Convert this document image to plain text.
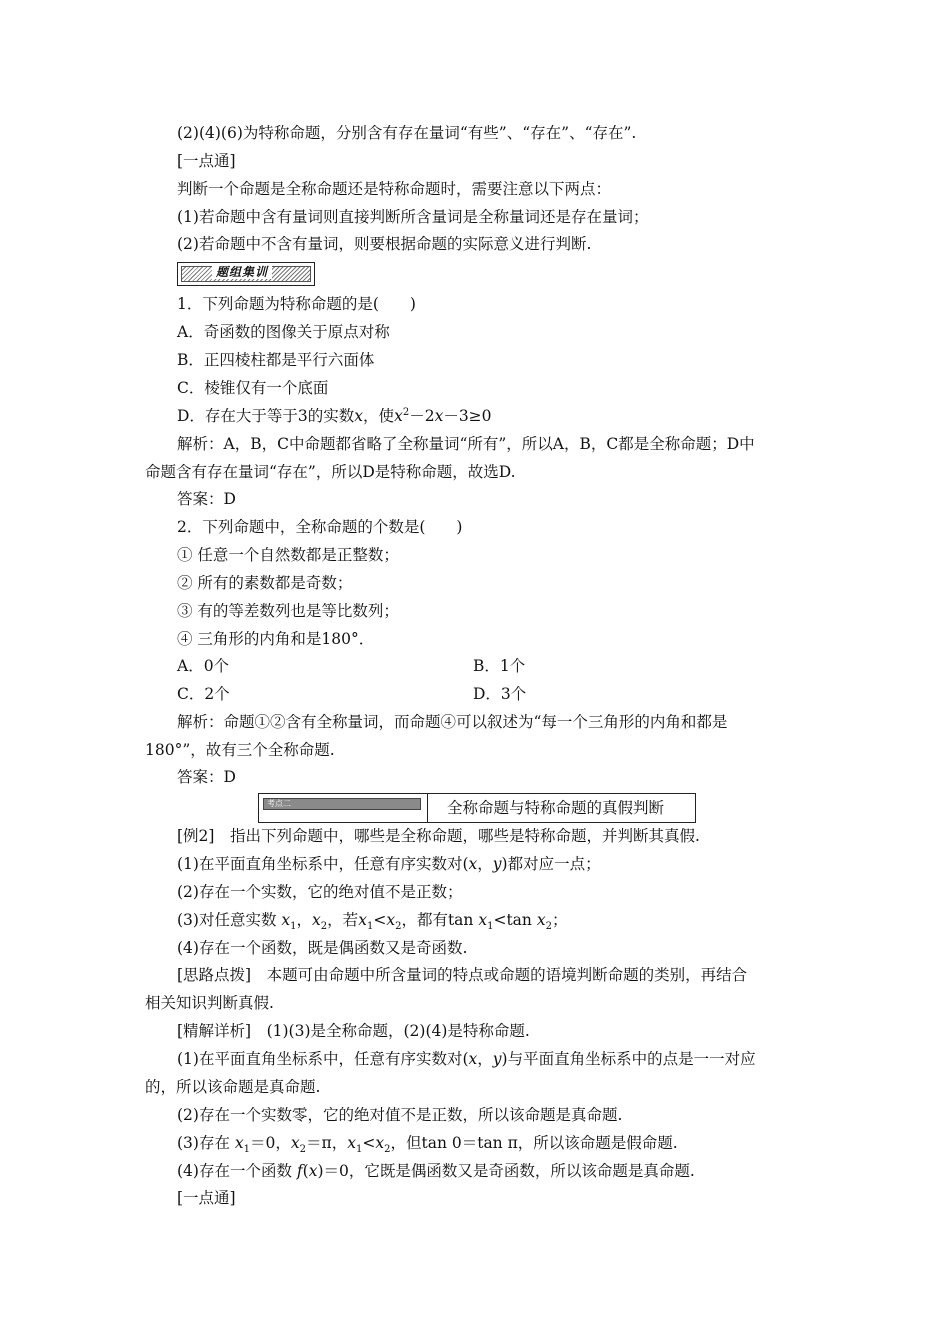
(2)(4)(6)为特称命题，分别含有存在量词“有些”、“存在”、“存在”.
[一点通]
判断一个命题是全称命题还是特称命题时，需要注意以下两点：
(1)若命题中含有量词则直接判断所含量词是全称量词还是存在量词；
(2)若命题中不含有量词，则要根据命题的实际意义进行判断.
题组集训
1．下列命题为特称命题的是(　　)
A．奇函数的图像关于原点对称
B．正四棱柱都是平行六面体
C．棱锥仅有一个底面
D．存在大于等于3的实数x，使$x^2-2x-3\ge 0$
解析：A，B，C中命题都省略了全称量词“所有”，所以A，B，C都是全称命题；D中
命题含有存在量词“存在”，所以D是特称命题，故选D.
答案：D
2．下列命题中，全称命题的个数是(　　)
① 任意一个自然数都是正整数；
② 所有的素数都是奇数；
③ 有的等差数列也是等比数列；
④ 三角形的内角和是180°．
A．0个	B．1个
C．2个	D．3个
解析：命题①②含有全称量词，而命题④可以叙述为“每一个三角形的内角和都是
180°”，故有三个全称命题.
答案：D
考点二	全称命题与特称命题的真假判断
[例2]　指出下列命题中，哪些是全称命题，哪些是特称命题，并判断其真假.
(1)在平面直角坐标系中，任意有序实数对(x，y)都对应一点；
(2)存在一个实数，它的绝对值不是正数；
(3)对任意实数 $x_1$，$x_2$，若$x_1<x_2$，都有$\tan x_1<\tan$ $x_2$；
(4)存在一个函数，既是偶函数又是奇函数.
[思路点拨]　本题可由命题中所含量词的特点或命题的语境判断命题的类别，再结合
相关知识判断真假.
[精解详析]　(1)(3)是全称命题，(2)(4)是特称命题.
(1)在平面直角坐标系中，任意有序实数对(x，y)与平面直角坐标系中的点是一一对应
的，所以该命题是真命题.
(2)存在一个实数零，它的绝对值不是正数，所以该命题是真命题.
(3)存在 $x_1=0$，$x_2=\pi$，$x_1<x_2$，但tan 0＝tan π，所以该命题是假命题.
(4)存在一个函数 f(x)＝0，它既是偶函数又是奇函数，所以该命题是真命题.
[一点通]
